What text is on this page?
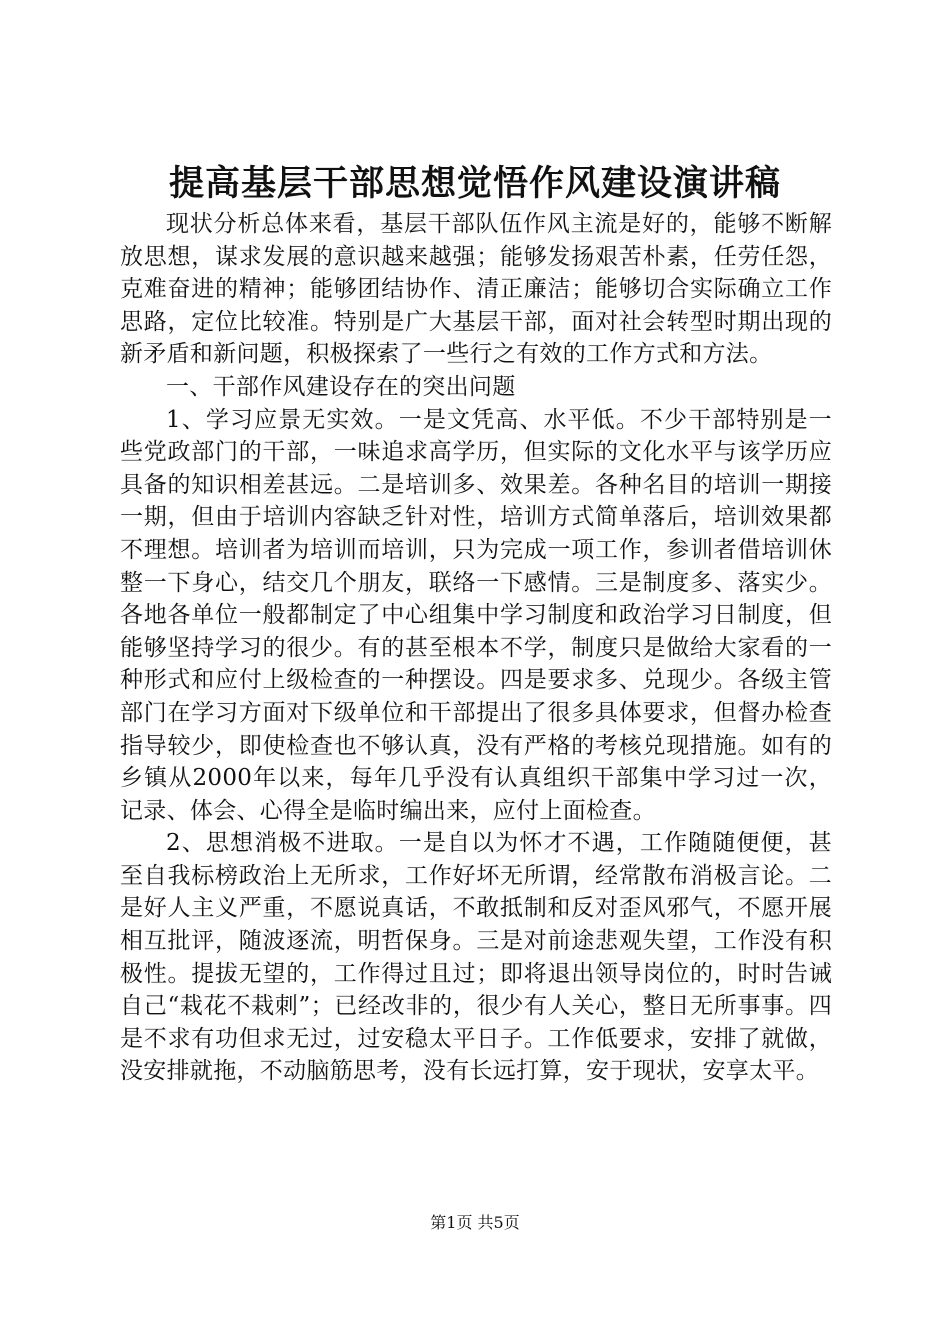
提高基层干部思想觉悟作风建设演讲稿

现状分析总体来看，基层干部队伍作风主流是好的，能够不断解放思想，谋求发展的意识越来越强；能够发扬艰苦朴素，任劳任怨，克难奋进的精神；能够团结协作、清正廉洁；能够切合实际确立工作思路，定位比较准。特别是广大基层干部，面对社会转型时期出现的新矛盾和新问题，积极探索了一些行之有效的工作方式和方法。

一、干部作风建设存在的突出问题

1、学习应景无实效。一是文凭高、水平低。不少干部特别是一些党政部门的干部，一味追求高学历，但实际的文化水平与该学历应具备的知识相差甚远。二是培训多、效果差。各种名目的培训一期接一期，但由于培训内容缺乏针对性，培训方式简单落后，培训效果都不理想。培训者为培训而培训，只为完成一项工作，参训者借培训休整一下身心，结交几个朋友，联络一下感情。三是制度多、落实少。各地各单位一般都制定了中心组集中学习制度和政治学习日制度，但能够坚持学习的很少。有的甚至根本不学，制度只是做给大家看的一种形式和应付上级检查的一种摆设。四是要求多、兑现少。各级主管部门在学习方面对下级单位和干部提出了很多具体要求，但督办检查指导较少，即使检查也不够认真，没有严格的考核兑现措施。如有的乡镇从2000年以来，每年几乎没有认真组织干部集中学习过一次，记录、体会、心得全是临时编出来，应付上面检查。

2、思想消极不进取。一是自以为怀才不遇，工作随随便便，甚至自我标榜政治上无所求，工作好坏无所谓，经常散布消极言论。二是好人主义严重，不愿说真话，不敢抵制和反对歪风邪气，不愿开展相互批评，随波逐流，明哲保身。三是对前途悲观失望，工作没有积极性。提拔无望的，工作得过且过；即将退出领导岗位的，时时告诫自己“栽花不栽刺”；已经改非的，很少有人关心，整日无所事事。四是不求有功但求无过，过安稳太平日子。工作低要求，安排了就做，没安排就拖，不动脑筋思考，没有长远打算，安于现状，安享太平。

第1页 共5页
